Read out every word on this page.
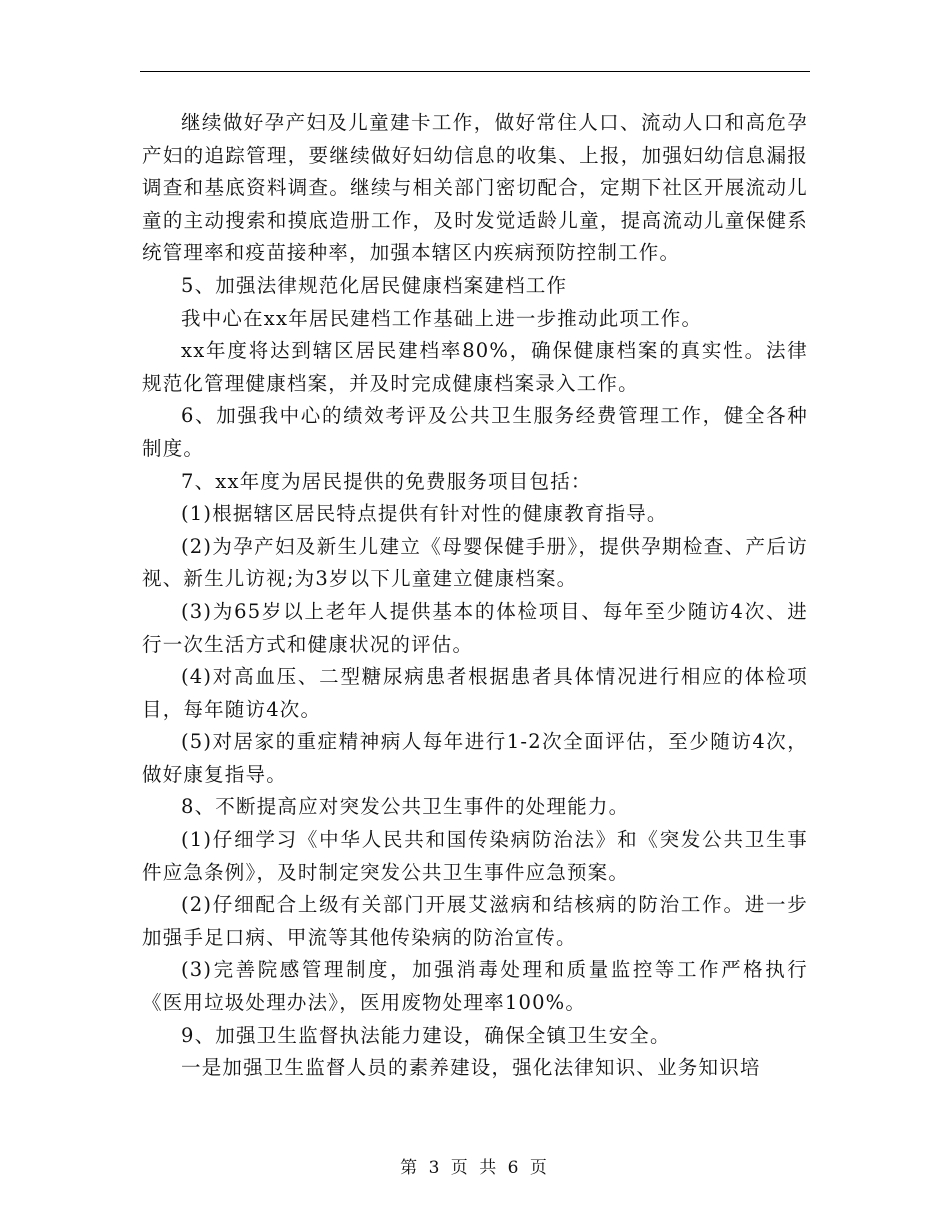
继续做好孕产妇及儿童建卡工作，做好常住人口、流动人口和高危孕产妇的追踪管理，要继续做好妇幼信息的收集、上报，加强妇幼信息漏报调查和基底资料调查。继续与相关部门密切配合，定期下社区开展流动儿童的主动搜索和摸底造册工作，及时发觉适龄儿童，提高流动儿童保健系统管理率和疫苗接种率，加强本辖区内疾病预防控制工作。

5、加强法律规范化居民健康档案建档工作

我中心在xx年居民建档工作基础上进一步推动此项工作。

xx年度将达到辖区居民建档率80%，确保健康档案的真实性。法律规范化管理健康档案，并及时完成健康档案录入工作。

6、加强我中心的绩效考评及公共卫生服务经费管理工作，健全各种制度。

7、xx年度为居民提供的免费服务项目包括：

(1)根据辖区居民特点提供有针对性的健康教育指导。

(2)为孕产妇及新生儿建立《母婴保健手册》，提供孕期检查、产后访视、新生儿访视;为3岁以下儿童建立健康档案。

(3)为65岁以上老年人提供基本的体检项目、每年至少随访4次、进行一次生活方式和健康状况的评估。

(4)对高血压、二型糖尿病患者根据患者具体情况进行相应的体检项目，每年随访4次。

(5)对居家的重症精神病人每年进行1-2次全面评估，至少随访4次，做好康复指导。

8、不断提高应对突发公共卫生事件的处理能力。

(1)仔细学习《中华人民共和国传染病防治法》和《突发公共卫生事件应急条例》，及时制定突发公共卫生事件应急预案。

(2)仔细配合上级有关部门开展艾滋病和结核病的防治工作。进一步加强手足口病、甲流等其他传染病的防治宣传。

(3)完善院感管理制度，加强消毒处理和质量监控等工作严格执行《医用垃圾处理办法》，医用废物处理率100%。

9、加强卫生监督执法能力建设，确保全镇卫生安全。

一是加强卫生监督人员的素养建设，强化法律知识、业务知识培

第 3 页 共 6 页
